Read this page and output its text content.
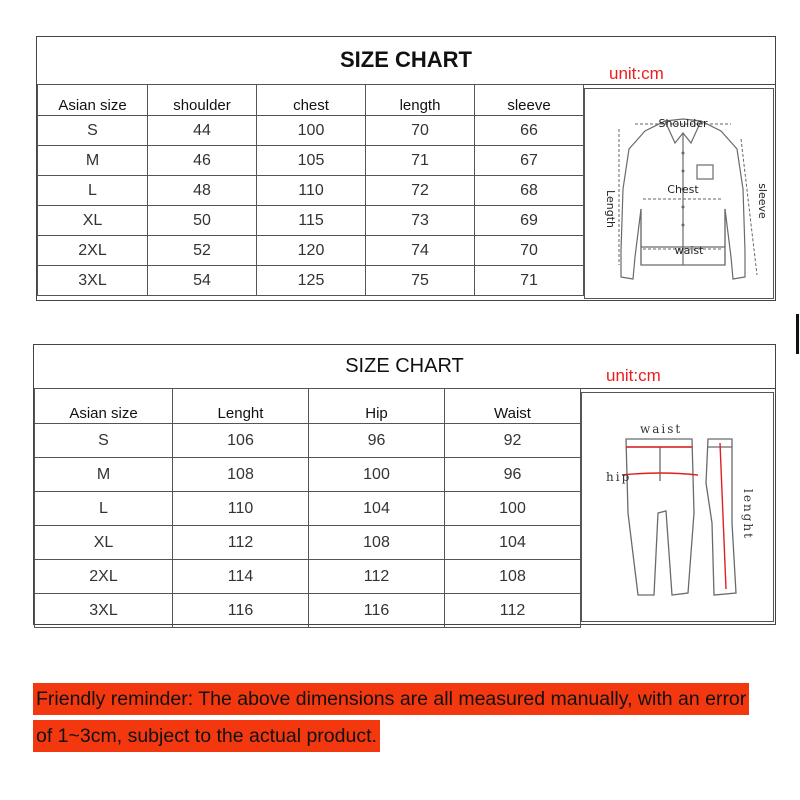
SIZE CHART
unit:cm
Asian size	shoulder	chest	length	sleeve
S	44	100	70	66
M	46	105	71	67
L	48	110	72	68
XL	50	115	73	69
2XL	52	120	74	70
3XL	54	125	75	71
Shoulder
Chest
waist
Length	sleeve
SIZE CHART	unit:cm
Asian size	Lenght	Hip	Waist
S	106	96	92
M	108	100	96
L	110	104	100
XL	112	108	104
2XL	114	112	108
3XL	116	116	112
waist
hip
lenght
Friendly reminder: The above dimensions are all measured manually, with an error
of 1~3cm, subject to the actual product.
